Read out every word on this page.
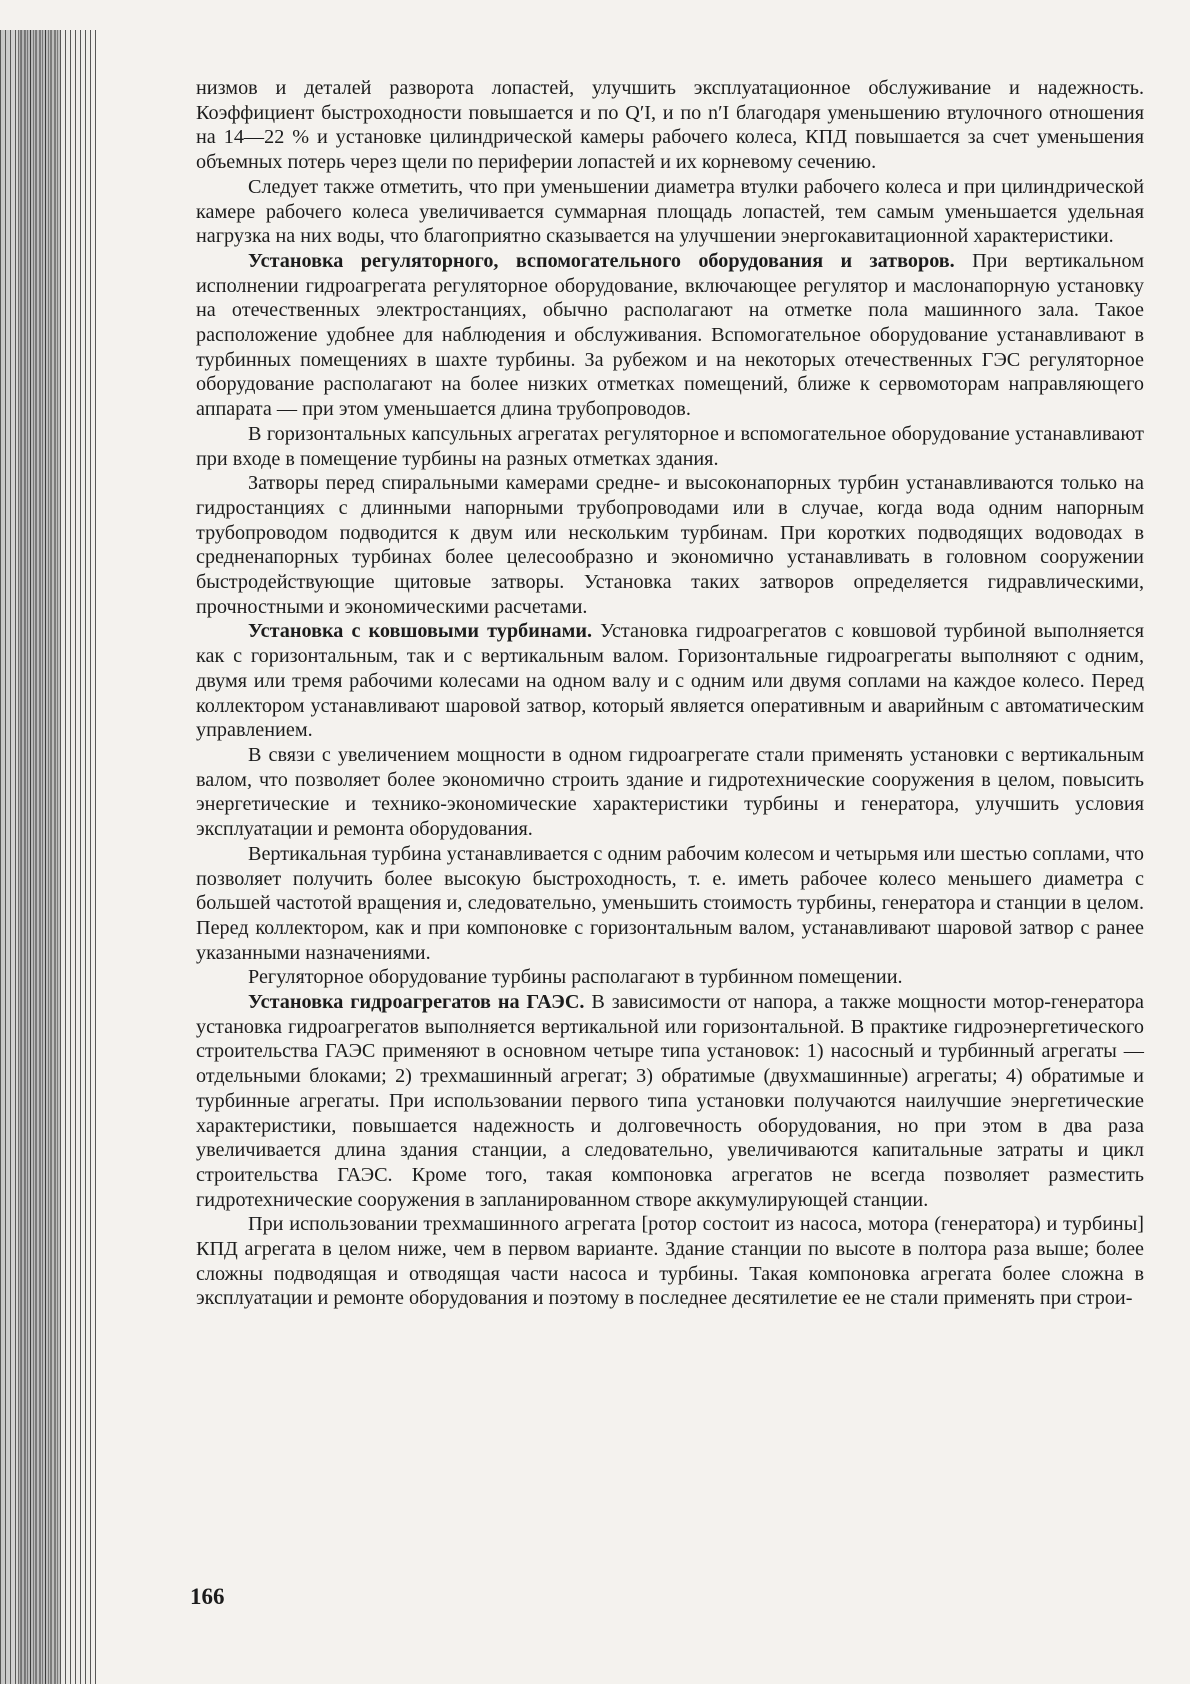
низмов и деталей разворота лопастей, улучшить эксплуатационное обслуживание и надежность. Коэффициент быстроходности повышается и по Q′I, и по n′I благодаря уменьшению втулочного отношения на 14—22 % и установке цилиндрической камеры рабочего колеса, КПД повышается за счет уменьшения объемных потерь через щели по периферии лопастей и их корневому сечению.

Следует также отметить, что при уменьшении диаметра втулки рабочего колеса и при цилиндрической камере рабочего колеса увеличивается суммарная площадь лопастей, тем самым уменьшается удельная нагрузка на них воды, что благоприятно сказывается на улучшении энергокавитационной характеристики.

Установка регуляторного, вспомогательного оборудования и затворов. При вертикальном исполнении гидроагрегата регуляторное оборудование, включающее регулятор и маслонапорную установку на отечественных электростанциях, обычно располагают на отметке пола машинного зала. Такое расположение удобнее для наблюдения и обслуживания. Вспомогательное оборудование устанавливают в турбинных помещениях в шахте турбины. За рубежом и на некоторых отечественных ГЭС регуляторное оборудование располагают на более низких отметках помещений, ближе к сервомоторам направляющего аппарата — при этом уменьшается длина трубопроводов.

В горизонтальных капсульных агрегатах регуляторное и вспомогательное оборудование устанавливают при входе в помещение турбины на разных отметках здания.

Затворы перед спиральными камерами средне- и высоконапорных турбин устанавливаются только на гидростанциях с длинными напорными трубопроводами или в случае, когда вода одним напорным трубопроводом подводится к двум или нескольким турбинам. При коротких подводящих водоводах в средненапорных турбинах более целесообразно и экономично устанавливать в головном сооружении быстродействующие щитовые затворы. Установка таких затворов определяется гидравлическими, прочностными и экономическими расчетами.

Установка с ковшовыми турбинами. Установка гидроагрегатов с ковшовой турбиной выполняется как с горизонтальным, так и с вертикальным валом. Горизонтальные гидроагрегаты выполняют с одним, двумя или тремя рабочими колесами на одном валу и с одним или двумя соплами на каждое колесо. Перед коллектором устанавливают шаровой затвор, который является оперативным и аварийным с автоматическим управлением.

В связи с увеличением мощности в одном гидроагрегате стали применять установки с вертикальным валом, что позволяет более экономично строить здание и гидротехнические сооружения в целом, повысить энергетические и технико-экономические характеристики турбины и генератора, улучшить условия эксплуатации и ремонта оборудования.

Вертикальная турбина устанавливается с одним рабочим колесом и четырьмя или шестью соплами, что позволяет получить более высокую быстроходность, т. е. иметь рабочее колесо меньшего диаметра с большей частотой вращения и, следовательно, уменьшить стоимость турбины, генератора и станции в целом. Перед коллектором, как и при компоновке с горизонтальным валом, устанавливают шаровой затвор с ранее указанными назначениями.

Регуляторное оборудование турбины располагают в турбинном помещении.

Установка гидроагрегатов на ГАЭС. В зависимости от напора, а также мощности мотор-генератора установка гидроагрегатов выполняется вертикальной или горизонтальной. В практике гидроэнергетического строительства ГАЭС применяют в основном четыре типа установок: 1) насосный и турбинный агрегаты — отдельными блоками; 2) трехмашинный агрегат; 3) обратимые (двухмашинные) агрегаты; 4) обратимые и турбинные агрегаты. При использовании первого типа установки получаются наилучшие энергетические характеристики, повышается надежность и долговечность оборудования, но при этом в два раза увеличивается длина здания станции, а следовательно, увеличиваются капитальные затраты и цикл строительства ГАЭС. Кроме того, такая компоновка агрегатов не всегда позволяет разместить гидротехнические сооружения в запланированном створе аккумулирующей станции.

При использовании трехмашинного агрегата [ротор состоит из насоса, мотора (генератора) и турбины] КПД агрегата в целом ниже, чем в первом варианте. Здание станции по высоте в полтора раза выше; более сложны подводящая и отводящая части насоса и турбины. Такая компоновка агрегата более сложна в эксплуатации и ремонте оборудования и поэтому в последнее десятилетие ее не стали применять при строи-

166
